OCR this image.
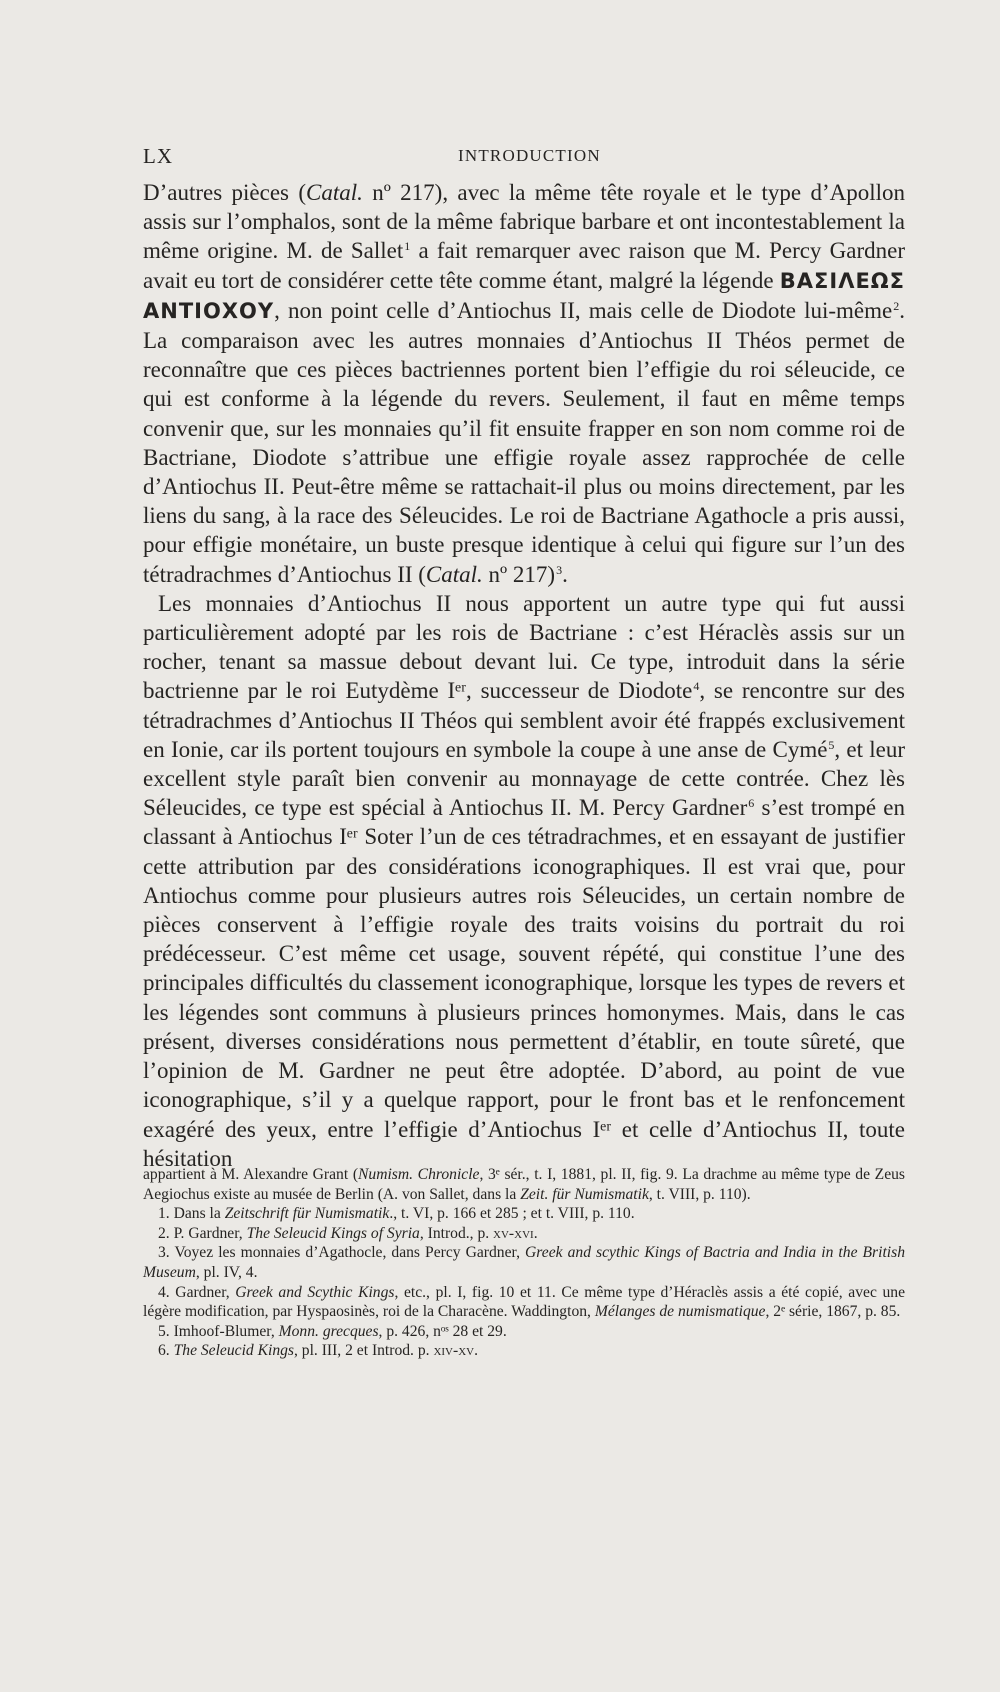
LX	INTRODUCTION

D’autres pièces (Catal. nº 217), avec la même tête royale et le type d’Apollon assis sur l’omphalos, sont de la même fabrique barbare et ont incontestablement la même origine. M. de Sallet$^1$ a fait remarquer avec raison que M. Percy Gardner avait eu tort de considérer cette tête comme étant, malgré la légende ΒΑΣΙΛΕΩΣ ΑΝΤΙΟΧΟΥ, non point celle d’Antiochus II, mais celle de Diodote lui-même$^2$. La comparaison avec les autres monnaies d’Antiochus II Théos permet de reconnaître que ces pièces bactriennes portent bien l’effigie du roi séleucide, ce qui est conforme à la légende du revers. Seulement, il faut en même temps convenir que, sur les monnaies qu’il fit ensuite frapper en son nom comme roi de Bactriane, Diodote s’attribue une effigie royale assez rapprochée de celle d’Antiochus II. Peut-être même se rattachait-il plus ou moins directement, par les liens du sang, à la race des Séleucides. Le roi de Bactriane Agathocle a pris aussi, pour effigie monétaire, un buste presque identique à celui qui figure sur l’un des tétradrachmes d’Antiochus II (Catal. nº 217)$^3$.

Les monnaies d’Antiochus II nous apportent un autre type qui fut aussi particulièrement adopté par les rois de Bactriane : c’est Héraclès assis sur un rocher, tenant sa massue debout devant lui. Ce type, introduit dans la série bactrienne par le roi Eutydème Iᵉʳ, successeur de Diodote$^4$, se rencontre sur des tétradrachmes d’Antiochus II Théos qui semblent avoir été frappés exclusivement en Ionie, car ils portent toujours en symbole la coupe à une anse de Cymé$^5$, et leur excellent style paraît bien convenir au monnayage de cette contrée. Chez lès Séleucides, ce type est spécial à Antiochus II. M. Percy Gardner$^6$ s’est trompé en classant à Antiochus Iᵉʳ Soter l’un de ces tétradrachmes, et en essayant de justifier cette attribution par des considérations iconographiques. Il est vrai que, pour Antiochus comme pour plusieurs autres rois Séleucides, un certain nombre de pièces conservent à l’effigie royale des traits voisins du portrait du roi prédécesseur. C’est même cet usage, souvent répété, qui constitue l’une des principales difficultés du classement iconographique, lorsque les types de revers et les légendes sont communs à plusieurs princes homonymes. Mais, dans le cas présent, diverses considérations nous permettent d’établir, en toute sûreté, que l’opinion de M. Gardner ne peut être adoptée. D’abord, au point de vue iconographique, s’il y a quelque rapport, pour le front bas et le renfoncement exagéré des yeux, entre l’effigie d’Antiochus Iᵉʳ et celle d’Antiochus II, toute hésitation

appartient à M. Alexandre Grant (Numism. Chronicle, 3ᵉ sér., t. I, 1881, pl. II, fig. 9. La drachme au même type de Zeus Aegiochus existe au musée de Berlin (A. von Sallet, dans la Zeit. für Numismatik, t. VIII, p. 110).

1. Dans la Zeitschrift für Numismatik., t. VI, p. 166 et 285 ; et t. VIII, p. 110.

2. P. Gardner, The Seleucid Kings of Syria, Introd., p. xv-xvi.

3. Voyez les monnaies d’Agathocle, dans Percy Gardner, Greek and scythic Kings of Bactria and India in the British Museum, pl. IV, 4.

4. Gardner, Greek and Scythic Kings, etc., pl. I, fig. 10 et 11. Ce même type d’Héraclès assis a été copié, avec une légère modification, par Hyspaosinès, roi de la Characène. Waddington, Mélanges de numismatique, 2ᵉ série, 1867, p. 85.

5. Imhoof-Blumer, Monn. grecques, p. 426, nᵒˢ 28 et 29.

6. The Seleucid Kings, pl. III, 2 et Introd. p. xiv-xv.
